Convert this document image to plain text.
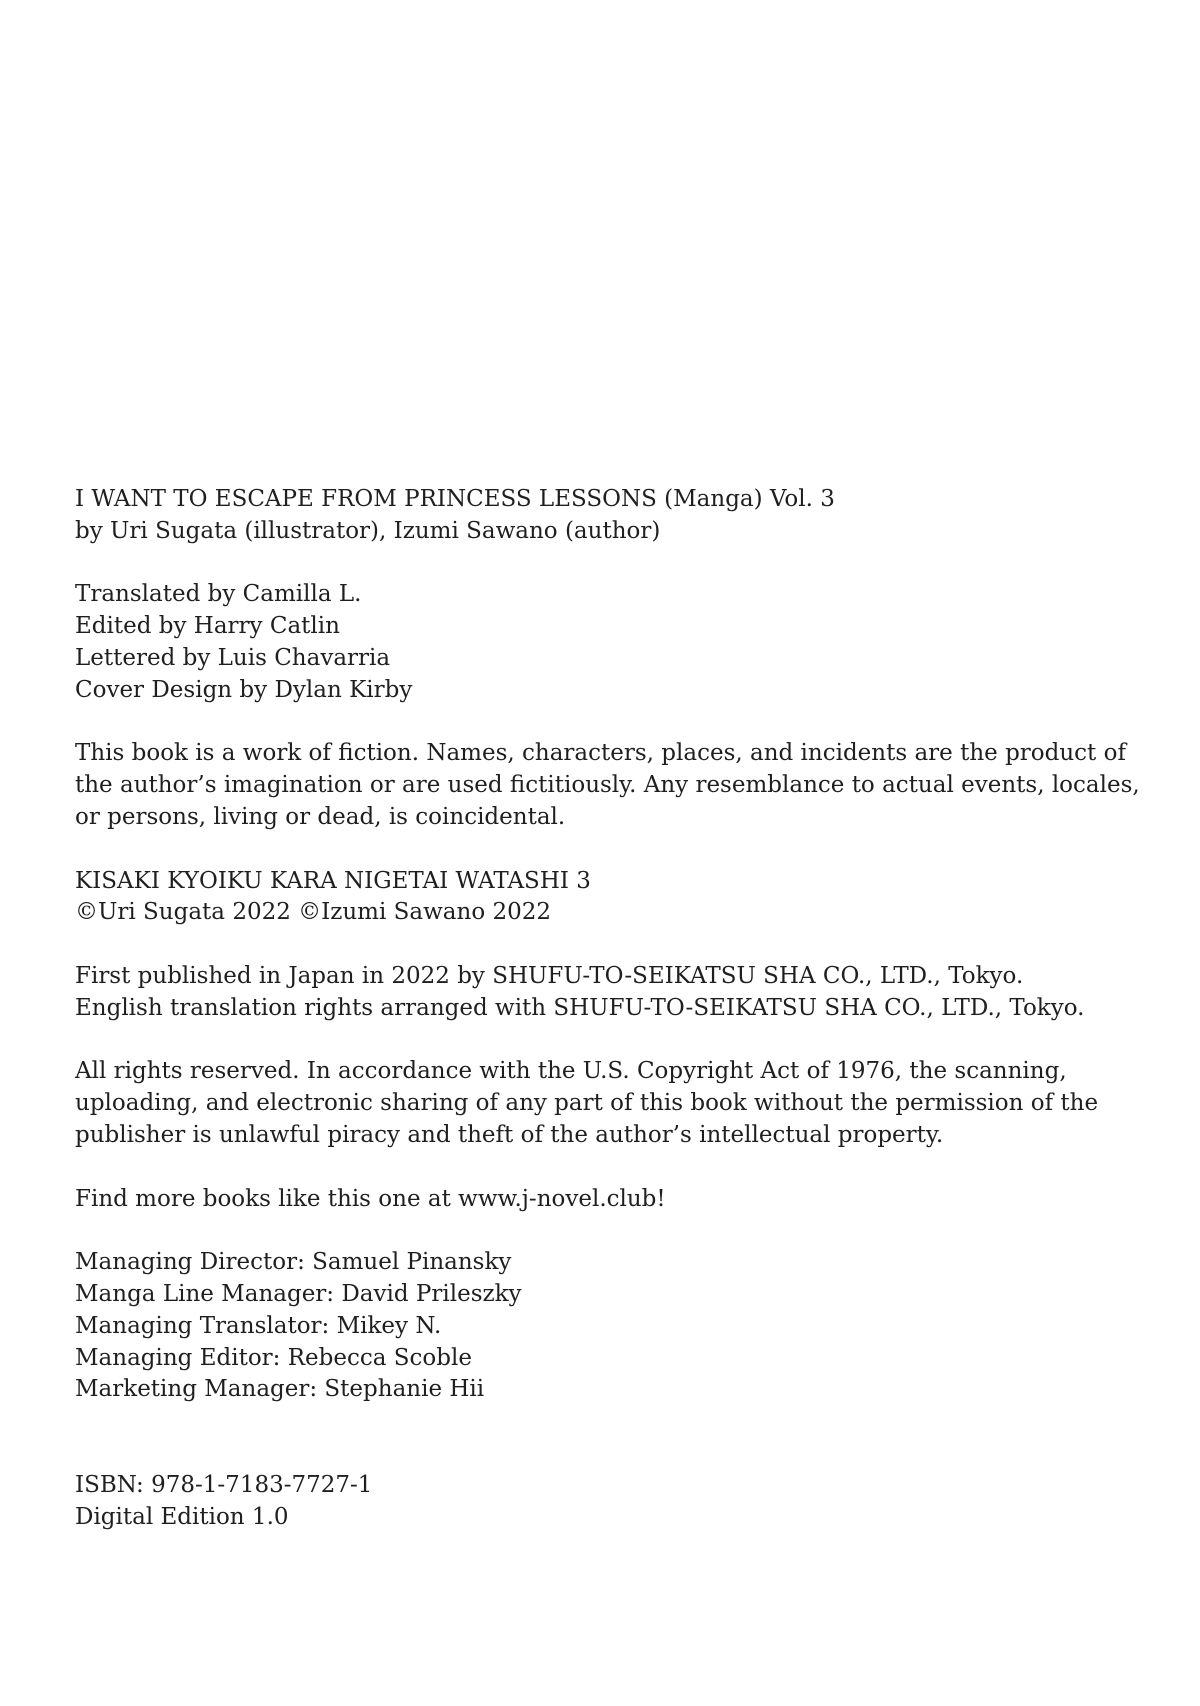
I WANT TO ESCAPE FROM PRINCESS LESSONS (Manga) Vol. 3
by Uri Sugata (illustrator), Izumi Sawano (author)
Translated by Camilla L.
Edited by Harry Catlin
Lettered by Luis Chavarria
Cover Design by Dylan Kirby
This book is a work of fiction. Names, characters, places, and incidents are the product of
the author’s imagination or are used fictitiously. Any resemblance to actual events, locales,
or persons, living or dead, is coincidental.
KISAKI KYOIKU KARA NIGETAI WATASHI 3
©Uri Sugata 2022 ©Izumi Sawano 2022
First published in Japan in 2022 by SHUFU-TO-SEIKATSU SHA CO., LTD., Tokyo.
English translation rights arranged with SHUFU-TO-SEIKATSU SHA CO., LTD., Tokyo.
All rights reserved. In accordance with the U.S. Copyright Act of 1976, the scanning,
uploading, and electronic sharing of any part of this book without the permission of the
publisher is unlawful piracy and theft of the author’s intellectual property.
Find more books like this one at www.j-novel.club!
Managing Director: Samuel Pinansky
Manga Line Manager: David Prileszky
Managing Translator: Mikey N.
Managing Editor: Rebecca Scoble
Marketing Manager: Stephanie Hii
ISBN: 978-1-7183-7727-1
Digital Edition 1.0
